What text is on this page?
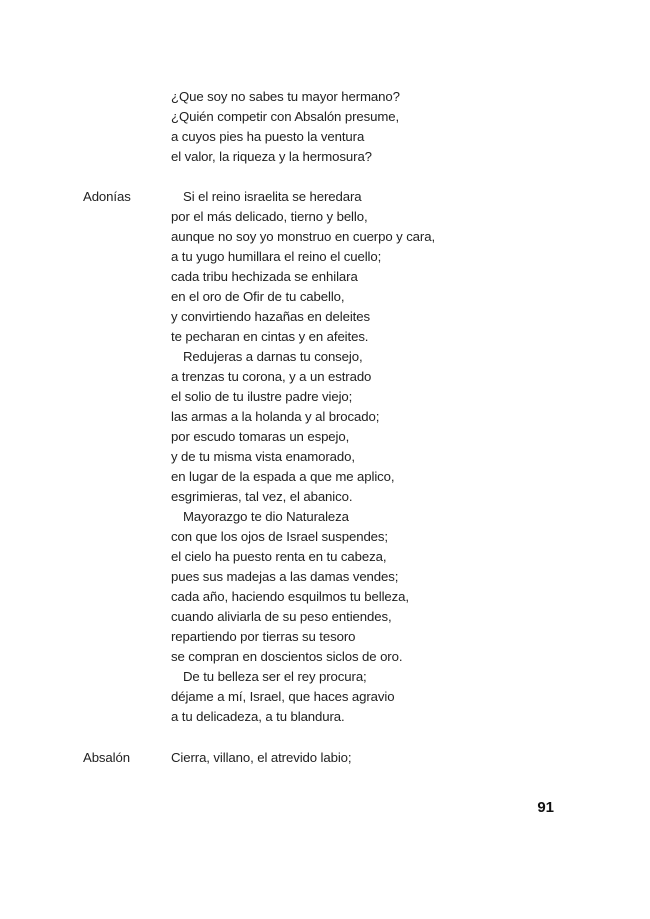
¿Que soy no sabes tu mayor hermano?
¿Quién competir con Absalón presume,
a cuyos pies ha puesto la ventura
el valor, la riqueza y la hermosura?
Adonías	Si el reino israelita se heredara
por el más delicado, tierno y bello,
aunque no soy yo monstruo en cuerpo y cara,
a tu yugo humillara el reino el cuello;
cada tribu hechizada se enhilara
en el oro de Ofir de tu cabello,
y convirtiendo hazañas en deleites
te pecharan en cintas y en afeites.
Redujeras a darnas tu consejo,
a trenzas tu corona, y a un estrado
el solio de tu ilustre padre viejo;
las armas a la holanda y al brocado;
por escudo tomaras un espejo,
y de tu misma vista enamorado,
en lugar de la espada a que me aplico,
esgrimieras, tal vez, el abanico.
Mayorazgo te dio Naturaleza
con que los ojos de Israel suspendes;
el cielo ha puesto renta en tu cabeza,
pues sus madejas a las damas vendes;
cada año, haciendo esquilmos tu belleza,
cuando aliviarla de su peso entiendes,
repartiendo por tierras su tesoro
se compran en doscientos siclos de oro.
De tu belleza ser el rey procura;
déjame a mí, Israel, que haces agravio
a tu delicadeza, a tu blandura.
Absalón	Cierra, villano, el atrevido labio;
91
